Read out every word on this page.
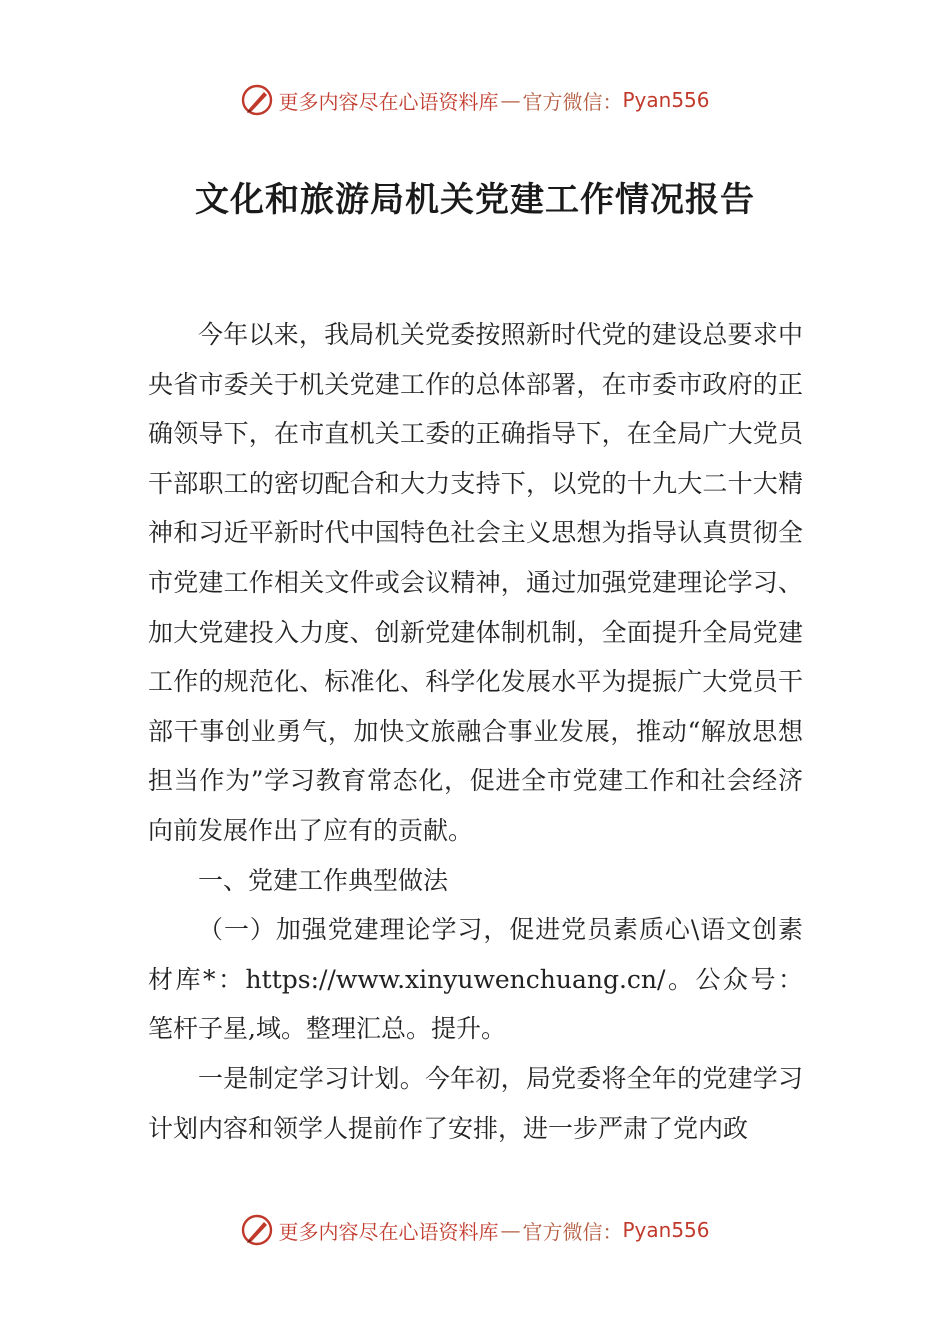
更多内容尽在心语资料库 — 官方微信： Pyan556
文化和旅游局机关党建工作情况报告

今年以来，我局机关党委按照新时代党的建设总要求中央省市委关于机关党建工作的总体部署，在市委市政府的正确领导下，在市直机关工委的正确指导下，在全局广大党员干部职工的密切配合和大力支持下，以党的十九大二十大精神和习近平新时代中国特色社会主义思想为指导认真贯彻全市党建工作相关文件或会议精神，通过加强党建理论学习、加大党建投入力度、创新党建体制机制，全面提升全局党建工作的规范化、标准化、科学化发展水平为提振广大党员干部干事创业勇气，加快文旅融合事业发展，推动“解放思想担当作为”学习教育常态化，促进全市党建工作和社会经济向前发展作出了应有的贡献。

一、党建工作典型做法

（一）加强党建理论学习，促进党员素质心\语文创素材库*：https://www.xinyuwenchuang.cn/。公众号：笔杆子星,域。整理汇总。提升。

一是制定学习计划。今年初，局党委将全年的党建学习计划内容和领学人提前作了安排，进一步严肃了党内政

更多内容尽在心语资料库 — 官方微信： Pyan556
